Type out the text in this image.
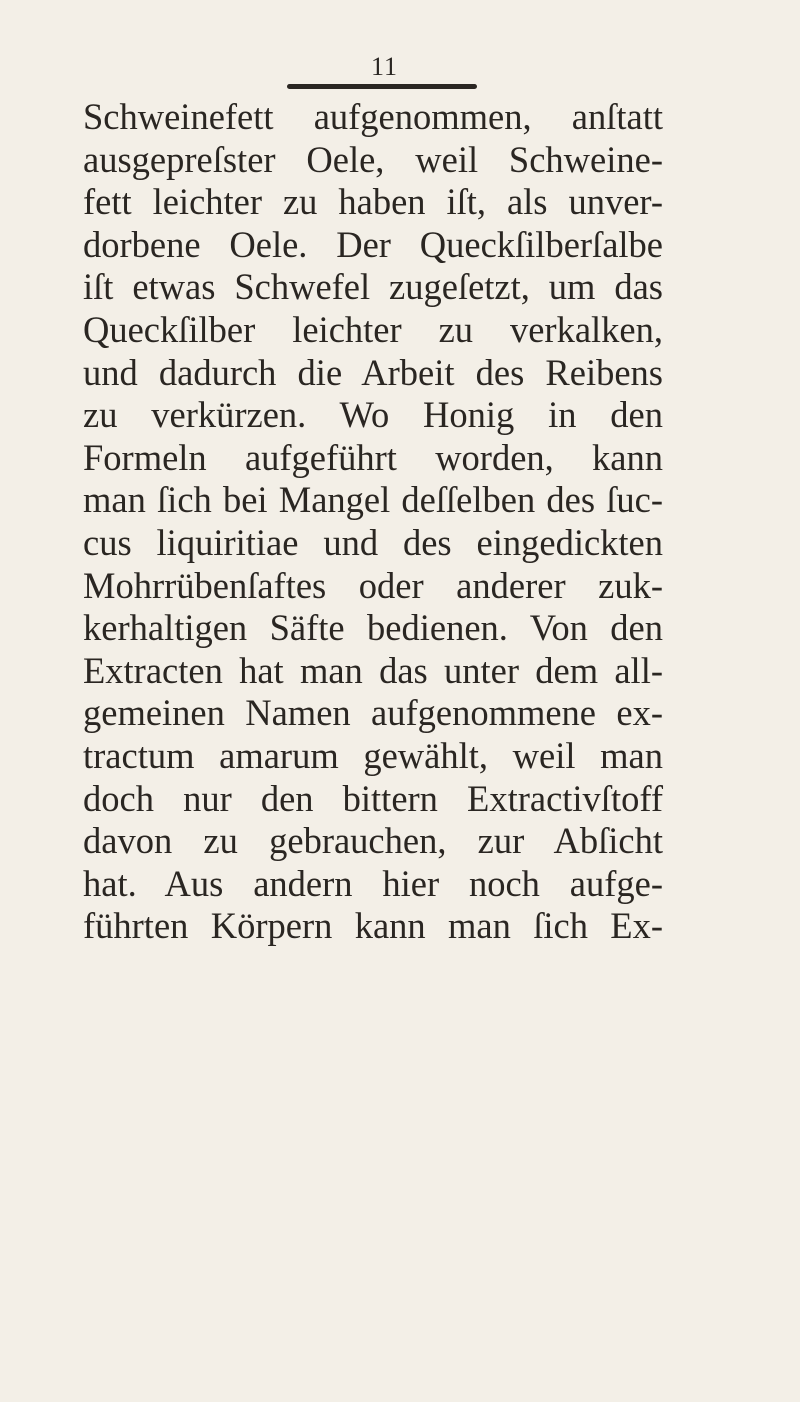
11
Schweinefett aufgenommen, anſtatt
ausgepreſster Oele, weil Schweine-
fett leichter zu haben iſt, als unver-
dorbene Oele. Der Queckſilberſalbe
iſt etwas Schwefel zugeſetzt, um das
Queckſilber leichter zu verkalken,
und dadurch die Arbeit des Reibens
zu verkürzen. Wo Honig in den
Formeln aufgeführt worden, kann
man ſich bei Mangel deſſelben des ſuc-
cus liquiritiae und des eingedickten
Mohrrübenſaftes oder anderer zuk-
kerhaltigen Säfte bedienen. Von den
Extracten hat man das unter dem all-
gemeinen Namen aufgenommene ex-
tractum amarum gewählt, weil man
doch nur den bittern Extractivſtoff
davon zu gebrauchen, zur Abſicht
hat. Aus andern hier noch aufge-
führten Körpern kann man ſich Ex-
